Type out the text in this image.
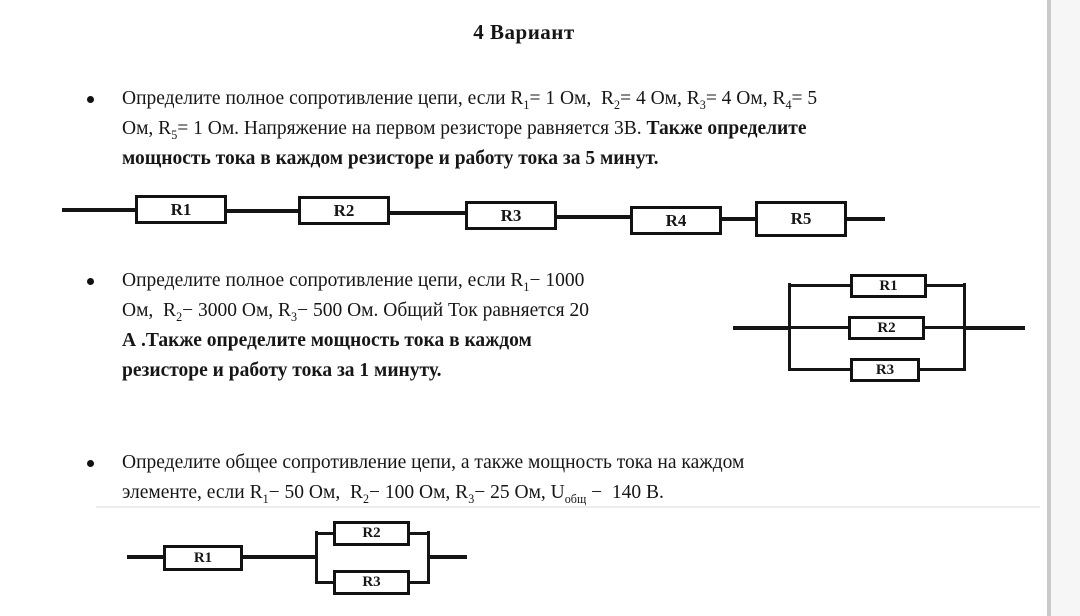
4 Вариант
Определите полное сопротивление цепи, если $R_1= 1$ Ом,  $R_2= 4$ Ом, $R_3= 4$ Ом, $R_4= 5$
Ом, $R_5= 1$ Ом. Напряжение на первом резисторе равняется 3В. Также определите
мощность тока в каждом резисторе и работу тока за 5 минут.
R1	R2	R3	R4	R5
Определите полное сопротивление цепи, если $R_1- 1000$
Ом,  $R_2- 3000$ Ом, $R_3- 500$ Ом. Общий Ток равняется 20
А .Также определите мощность тока в каждом
резисторе и работу тока за 1 минуту.
R1
R2
R3
Определите общее сопротивление цепи, а также мощность тока на каждом
элементе, если $R_1- 50$ Ом,  $R_2- 100$ Ом, $R_3- 25$ Ом, $U_{общ} - 140$ В.
R1
R2
R3
